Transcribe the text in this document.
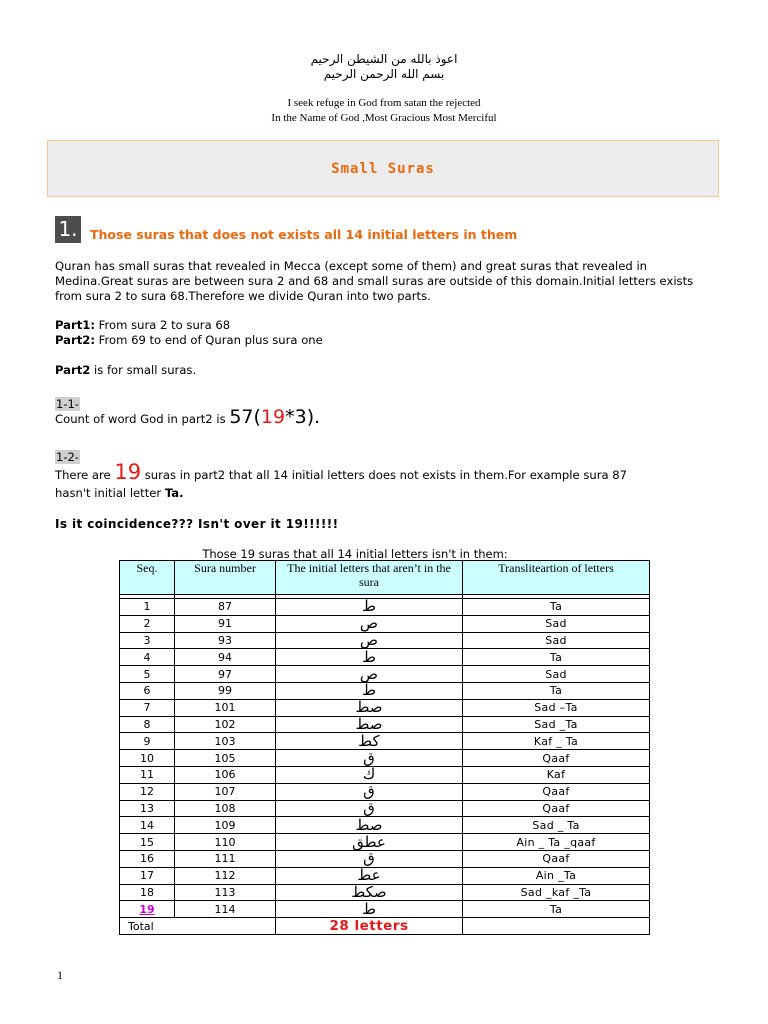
اعوذ بالله من الشيطن الرحيم
بسم الله الرحمن الرحيم
I seek refuge in God from satan the rejected
In the Name of God ,Most Gracious Most Merciful
Small Suras
1. Those suras that does not exists all 14 initial letters in them
Quran has small suras that revealed in Mecca (except some of them) and great suras that revealed in Medina.Great suras are between sura 2 and 68 and small suras are outside of this domain.Initial letters exists from sura 2 to sura 68.Therefore we divide Quran into two parts.
Part1: From sura 2 to sura 68
Part2: From 69 to end of Quran plus sura one
Part2 is for small suras.
1-1-
Count of word God in part2 is 57(19*3).
1-2-
There are 19 suras in part2 that all 14 initial letters does not exists in them.For example sura 87
hasn't initial letter Ta.
Is it coincidence??? Isn't over it 19!!!!!!
Those 19 suras that all 14 initial letters isn't in them:
Seq.	Sura number	The initial letters that aren’t in the sura	Transliteartion of letters

1	87	ط	Ta
2	91	ص	Sad
3	93	ص	Sad
4	94	ط	Ta
5	97	ص	Sad
6	99	ط	Ta
7	101	صط	Sad –Ta
8	102	صط	Sad _Ta
9	103	كط	Kaf _ Ta
10	105	ق	Qaaf
11	106	ك	Kaf
12	107	ق	Qaaf
13	108	ق	Qaaf
14	109	صط	Sad _ Ta
15	110	عطق	Ain _ Ta _qaaf
16	111	ق	Qaaf
17	112	عط	Ain _Ta
18	113	صكط	Sad _kaf _Ta
19	114	ط	Ta
Total		28 letters	
1
